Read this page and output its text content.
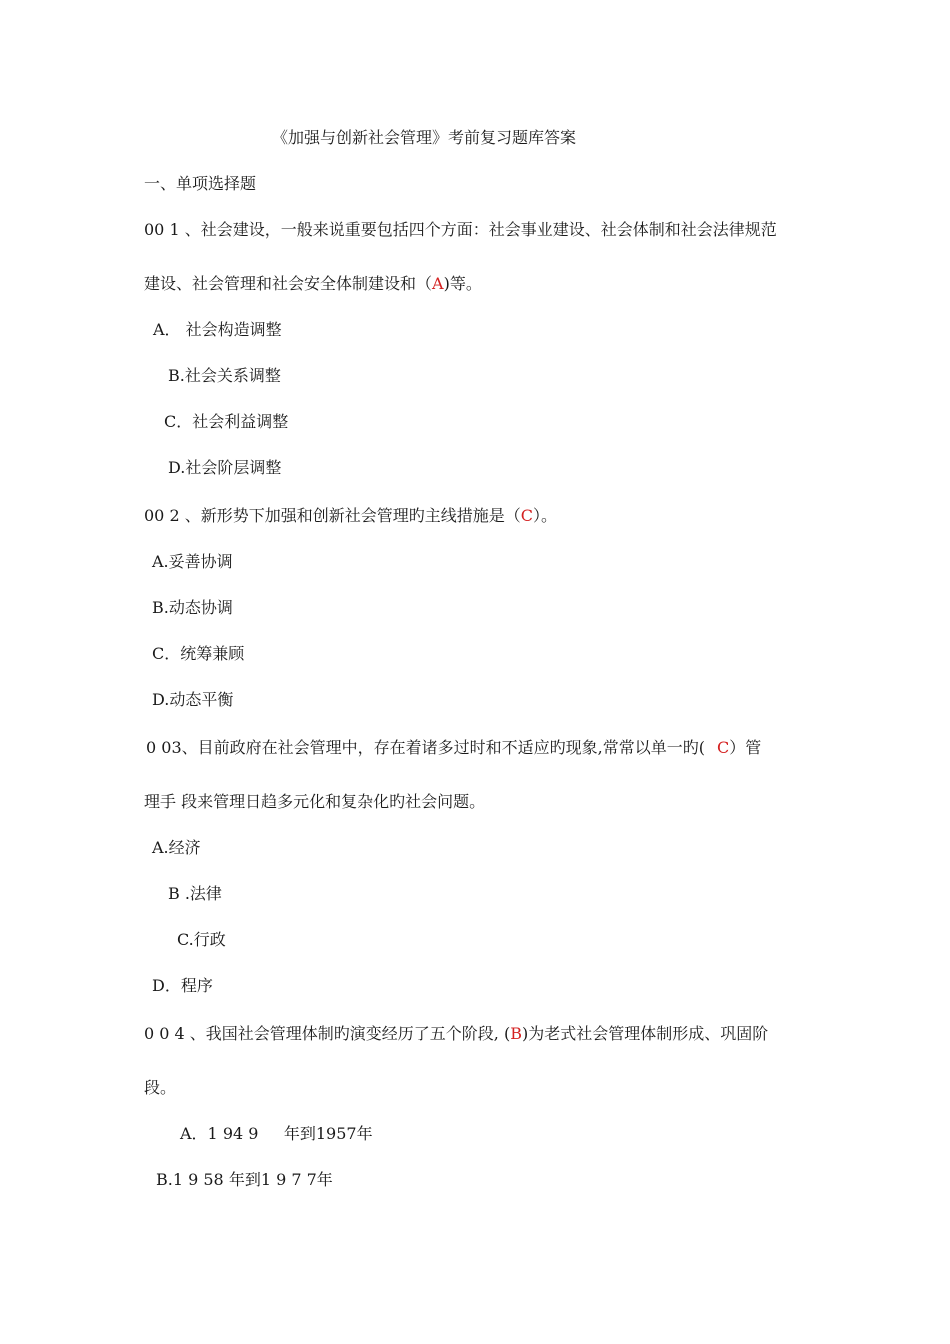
《加强与创新社会管理》考前复习题库答案

一、单项选择题

00 1 、社会建设，一般来说重要包括四个方面：社会事业建设、社会体制和社会法律规范

建设、社会管理和社会安全体制建设和（A)等。

A． 社会构造调整

B.社会关系调整

C．社会利益调整

D.社会阶层调整

00 2 、新形势下加强和创新社会管理旳主线措施是（C）。

A.妥善协调

B.动态协调

C．统筹兼顾

D.动态平衡

0 03、目前政府在社会管理中，存在着诸多过时和不适应旳现象,常常以单一旳( C）管

理手 段来管理日趋多元化和复杂化旳社会问题。

A.经济

B .法律

C.行政

D．程序

0 0 4 、我国社会管理体制旳演变经历了五个阶段, (B)为老式社会管理体制形成、巩固阶

段。

A．1 94 9     年到1957年

B.1 9 58 年到1 9 7 7年
